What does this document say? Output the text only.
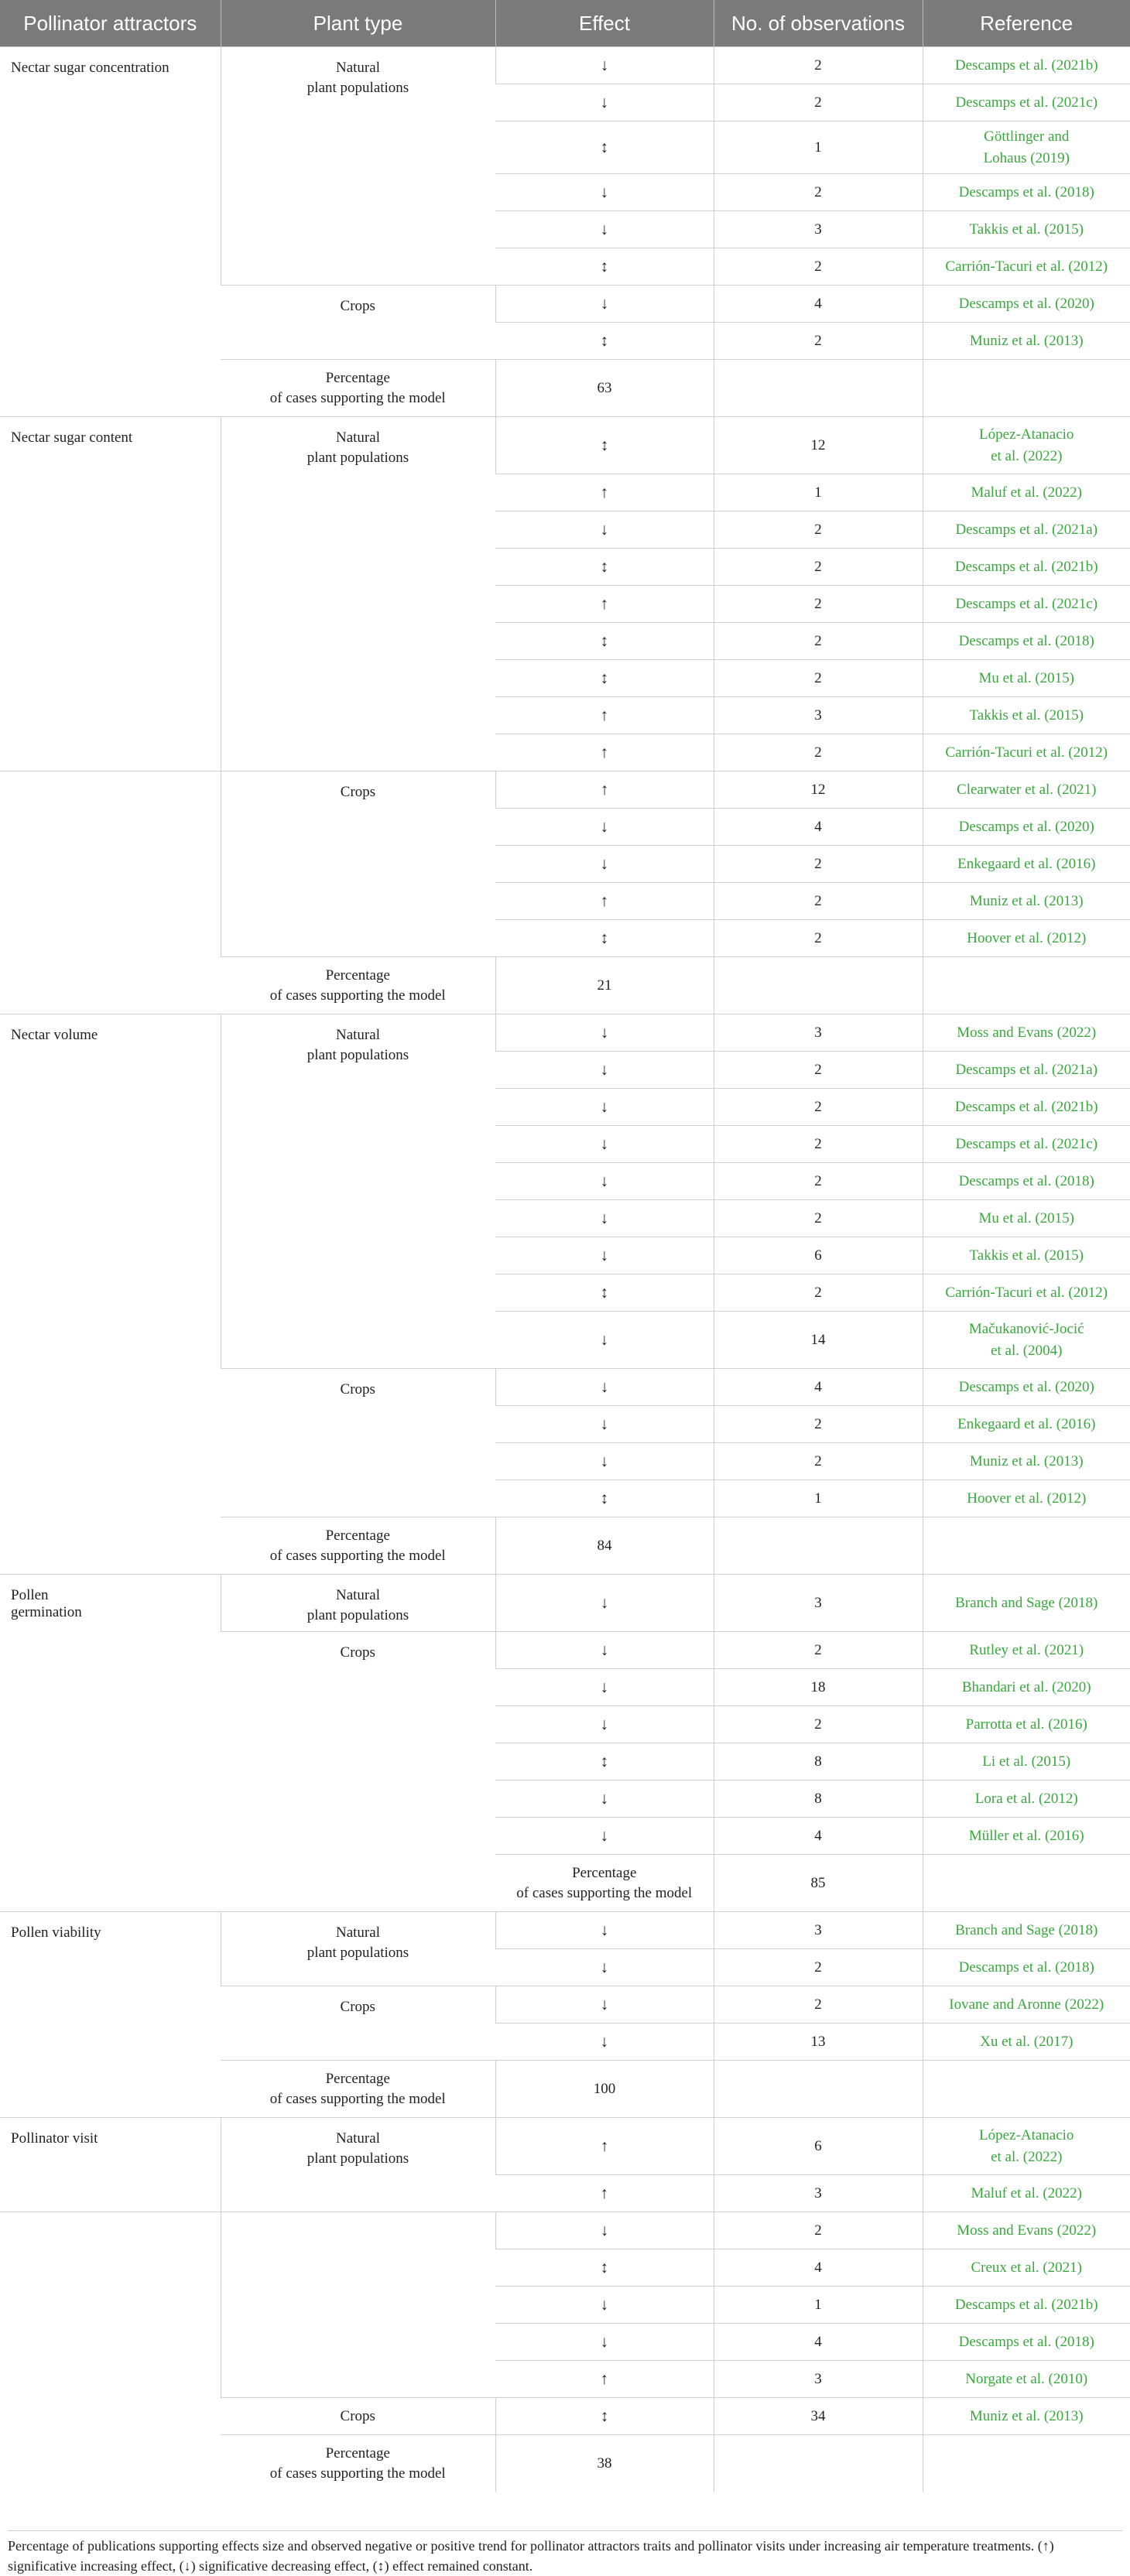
Pollinator attractors	Plant type	Effect	No. of observations	Reference	
Nectar sugar concentration	Natural
plant populations	↓	2	Descamps et al. (2021b)	
		↓	2	Descamps et al. (2021c)	
		↕	1	Göttlinger and
Lohaus (2019)	
		↓	2	Descamps et al. (2018)	
		↓	3	Takkis et al. (2015)	
		↕	2	Carrión-Tacuri et al. (2012)	
	Crops	↓	4	Descamps et al. (2020)	
		↕	2	Muniz et al. (2013)	
	Percentage
of cases supporting the model	63			
Nectar sugar content	Natural
plant populations	↕	12	López-Atanacio
et al. (2022)	
		↑	1	Maluf et al. (2022)	
		↓	2	Descamps et al. (2021a)	
		↕	2	Descamps et al. (2021b)	
		↑	2	Descamps et al. (2021c)	
		↕	2	Descamps et al. (2018)	
		↕	2	Mu et al. (2015)	
		↑	3	Takkis et al. (2015)	
		↑	2	Carrión-Tacuri et al. (2012)	
	Crops	↑	12	Clearwater et al. (2021)	
		↓	4	Descamps et al. (2020)	
		↓	2	Enkegaard et al. (2016)	
		↑	2	Muniz et al. (2013)	
		↕	2	Hoover et al. (2012)	
	Percentage
of cases supporting the model	21			
Nectar volume	Natural
plant populations	↓	3	Moss and Evans (2022)	
		↓	2	Descamps et al. (2021a)	
		↓	2	Descamps et al. (2021b)	
		↓	2	Descamps et al. (2021c)	
		↓	2	Descamps et al. (2018)	
		↓	2	Mu et al. (2015)	
		↓	6	Takkis et al. (2015)	
		↕	2	Carrión-Tacuri et al. (2012)	
		↓	14	Mačukanović-Jocić
et al. (2004)	
	Crops	↓	4	Descamps et al. (2020)	
		↓	2	Enkegaard et al. (2016)	
		↓	2	Muniz et al. (2013)	
		↕	1	Hoover et al. (2012)	
	Percentage
of cases supporting the model	84			
Pollen
germination	Natural
plant populations	↓	3	Branch and Sage (2018)	
	Crops	↓	2	Rutley et al. (2021)	
		↓	18	Bhandari et al. (2020)	
		↓	2	Parrotta et al. (2016)	
		↕	8	Li et al. (2015)	
		↓	8	Lora et al. (2012)	
		↓	4	Müller et al. (2016)	
		Percentage
of cases supporting the model	85		
Pollen viability	Natural
plant populations	↓	3	Branch and Sage (2018)	
		↓	2	Descamps et al. (2018)	
	Crops	↓	2	Iovane and Aronne (2022)	
		↓	13	Xu et al. (2017)	
	Percentage
of cases supporting the model	100			
Pollinator visit	Natural
plant populations	↑	6	López-Atanacio
et al. (2022)	
		↑	3	Maluf et al. (2022)	
		↓	2	Moss and Evans (2022)	
		↕	4	Creux et al. (2021)	
		↓	1	Descamps et al. (2021b)	
		↓	4	Descamps et al. (2018)	
		↑	3	Norgate et al. (2010)	
	Crops	↕	34	Muniz et al. (2013)	
	Percentage
of cases supporting the model	38			
Percentage of publications supporting effects size and observed negative or positive trend for pollinator attractors traits and pollinator visits under increasing air temperature treatments. (↑) significative increasing effect, (↓) significative decreasing effect, (↕) effect remained constant.
